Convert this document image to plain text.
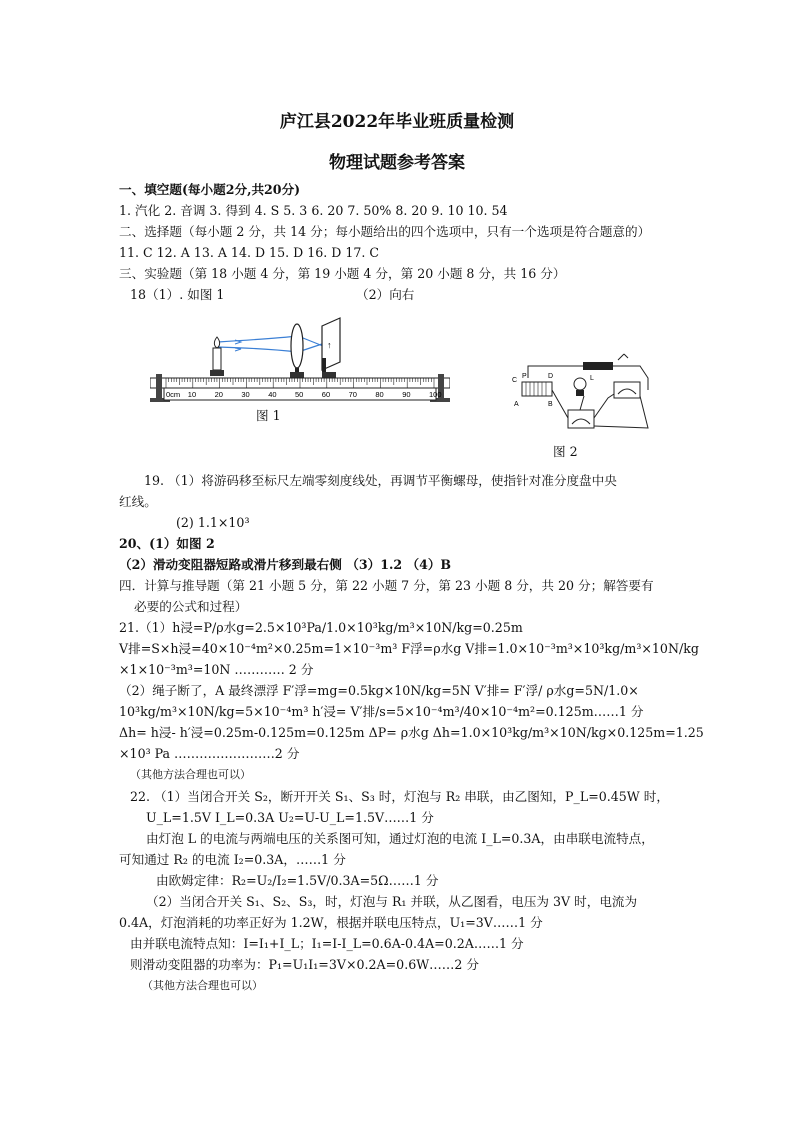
庐江县2022年毕业班质量检测
物理试题参考答案
一、填空题(每小题2分,共20分)
1. 汽化 2. 音调 3. 得到 4. S 5. 3 6. 20 7. 50% 8. 20 9. 10 10. 54
二、选择题（每小题 2 分，共 14 分；每小题给出的四个选项中，只有一个选项是符合题意的）
11. C 12. A 13. A 14. D 15. D 16. D 17. C
三、实验题（第 18 小题 4 分，第 19 小题 4 分，第 20 小题 8 分，共 16 分）
18（1）. 如图 1	（2）向右
↑
0cm 10 20 30 40 50 60 70 80 90 100
图 1
C
P	D
A	B
L
图 2
19. （1）将游码移至标尺左端零刻度线处，再调节平衡螺母，使指针对准分度盘中央
红线。
(2) 1.1×10³
20、(1）如图 2
（2）滑动变阻器短路或滑片移到最右侧 （3）1.2 （4）B
四．计算与推导题（第 21 小题 5 分，第 22 小题 7 分，第 23 小题 8 分，共 20 分；解答要有
必要的公式和过程）
21.（1）h浸=P/ρ水g=2.5×10³Pa/1.0×10³kg/m³×10N/kg=0.25m
V排=S×h浸=40×10⁻⁴m²×0.25m=1×10⁻³m³ F浮=ρ水g V排=1.0×10⁻³m³×10³kg/m³×10N/kg
×1×10⁻³m³=10N ………… 2 分
（2）绳子断了，A 最终漂浮 F′浮=mg=0.5kg×10N/kg=5N V′排= F′浮/ ρ水g=5N/1.0×
10³kg/m³×10N/kg=5×10⁻⁴m³ h′浸= V′排/s=5×10⁻⁴m³/40×10⁻⁴m²=0.125m……1 分
Δh= h浸- h′浸=0.25m-0.125m=0.125m ΔP= ρ水g Δh=1.0×10³kg/m³×10N/kg×0.125m=1.25
×10³ Pa ……………………2 分
（其他方法合理也可以）
22. （1）当闭合开关 S₂，断开开关 S₁、S₃ 时，灯泡与 R₂ 串联，由乙图知，P_L=0.45W 时，
U_L=1.5V I_L=0.3A U₂=U-U_L=1.5V……1 分
由灯泡 L 的电流与两端电压的关系图可知，通过灯泡的电流 I_L=0.3A，由串联电流特点，
可知通过 R₂ 的电流 I₂=0.3A，……1 分
由欧姆定律：R₂=U₂/I₂=1.5V/0.3A=5Ω……1 分
（2）当闭合开关 S₁、S₂、S₃，时，灯泡与 R₁ 并联，从乙图看，电压为 3V 时，电流为
0.4A，灯泡消耗的功率正好为 1.2W，根据并联电压特点，U₁=3V……1 分
由并联电流特点知：I=I₁+I_L；I₁=I-I_L=0.6A-0.4A=0.2A……1 分
则滑动变阻器的功率为：P₁=U₁I₁=3V×0.2A=0.6W……2 分
（其他方法合理也可以）
